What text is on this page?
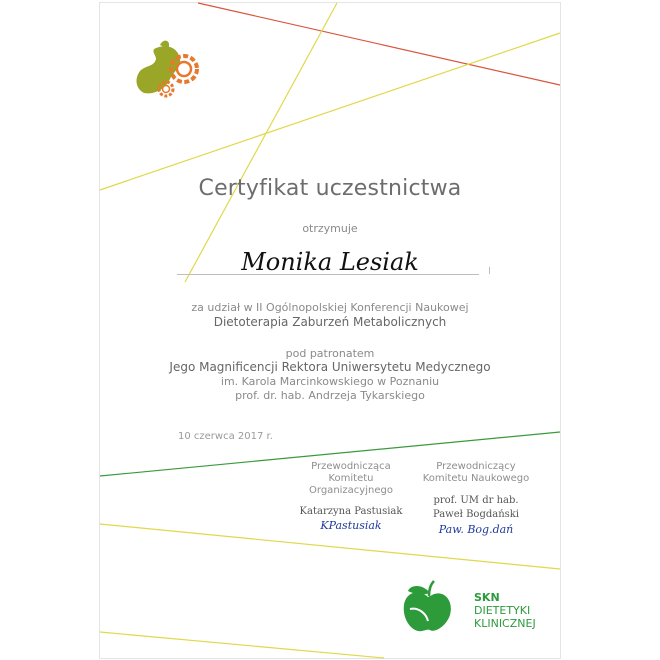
Certyfikat uczestnictwa
otrzymuje
Monika Lesiak
za udział w II Ogólnopolskiej Konferencji Naukowej
Dietoterapia Zaburzeń Metabolicznych
pod patronatem
Jego Magnificencji Rektora Uniwersytetu Medycznego
im. Karola Marcinkowskiego w Poznaniu
prof. dr. hab. Andrzeja Tykarskiego
10 czerwca 2017 r.
Przewodnicząca
Komitetu Organizacyjnego
Katarzyna Pastusiak
KPastusiak
Przewodniczący
Komitetu Naukowego
prof. UM dr hab.
Paweł Bogdański
Paw. Bog.dań
SKN
DIETETYKI
KLINICZNEJ
